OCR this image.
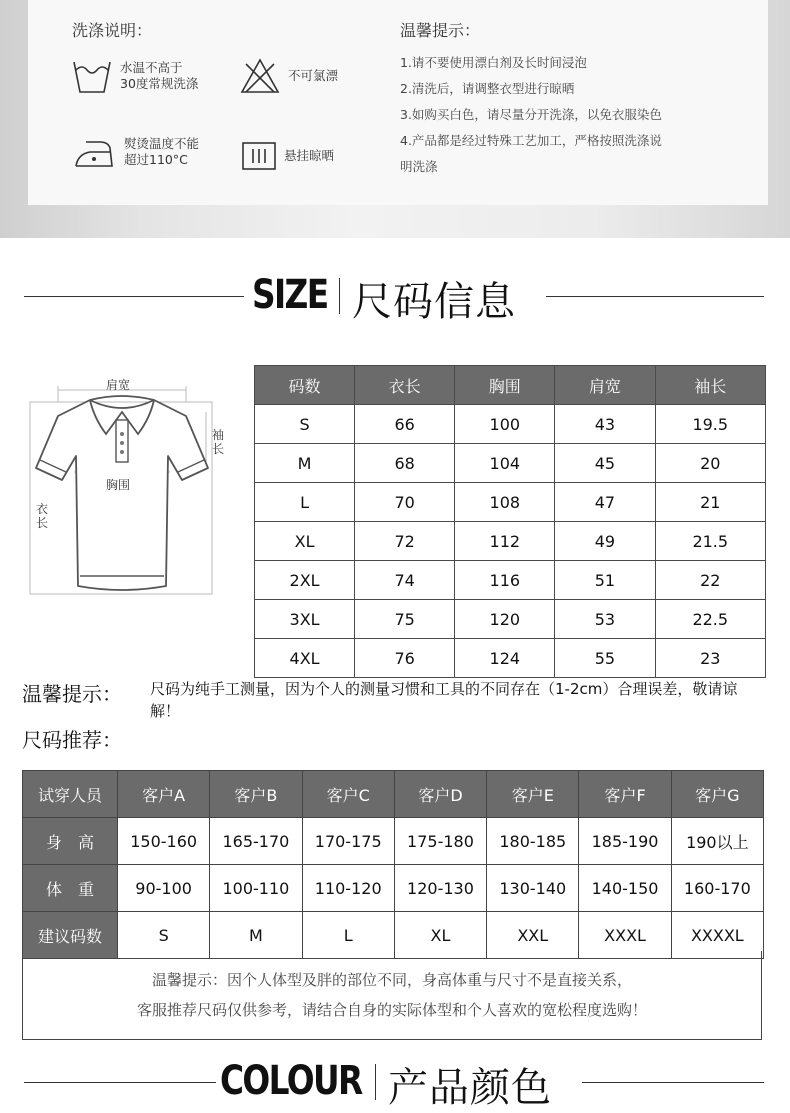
洗涤说明：
水温不高于
30度常规洗涤
不可氯漂
熨烫温度不能
超过110°C	悬挂晾晒
温馨提示：
1.请不要使用漂白剂及长时间浸泡
2.清洗后，请调整衣型进行晾晒
3.如购买白色，请尽量分开洗涤，以免衣服染色
4.产品都是经过特殊工艺加工，严格按照洗涤说
明洗涤
SIZE 尺码信息
肩宽
袖长
胸围
衣长
码数	衣长	胸围	肩宽	袖长
S	66	100	43	19.5
M	68	104	45	20
L	70	108	47	21
XL	72	112	49	21.5
2XL	74	116	51	22
3XL	75	120	53	22.5
4XL	76	124	55	23
温馨提示： 尺码为纯手工测量，因为个人的测量习惯和工具的不同存在（1-2cm）合理误差，敬请谅解！
尺码推荐：
试穿人员	客户A	客户B	客户C	客户D	客户E	客户F	客户G
身　高	150-160	165-170	170-175	175-180	180-185	185-190	190以上
体　重	90-100	100-110	110-120	120-130	130-140	140-150	160-170
建议码数	S	M	L	XL	XXL	XXXL	XXXXL
温馨提示：因个人体型及胖的部位不同，身高体重与尺寸不是直接关系，
客服推荐尺码仅供参考，请结合自身的实际体型和个人喜欢的宽松程度选购！
COLOUR 产品颜色
